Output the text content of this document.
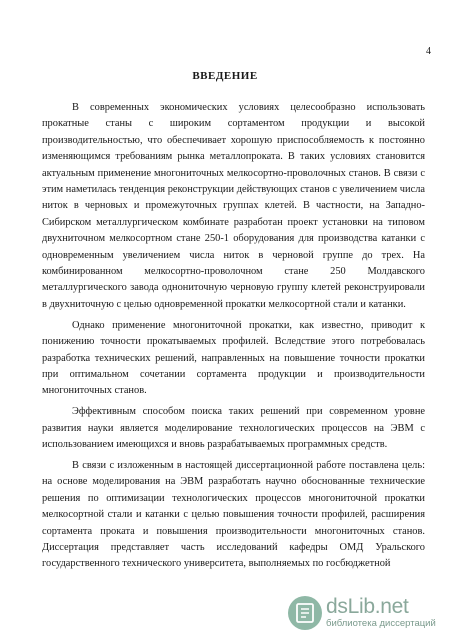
4
ВВЕДЕНИЕ

В современных экономических условиях целесообразно использовать прокатные станы с широким сортаментом продукции и высокой производительностью, что обеспечивает хорошую приспособляемость к постоянно изменяющимся требованиям рынка металлопроката. В таких условиях становится актуальным применение многониточных мелкосортно-проволочных станов. В связи с этим наметилась тенденция реконструкции действующих станов с увеличением числа ниток в черновых и промежуточных группах клетей. В частности, на Западно-Сибирском металлургическом комбинате разработан проект установки на типовом двухниточном мелкосортном стане 250-1 оборудования для производства катанки с одновременным увеличением числа ниток в черновой группе до трех. На комбинированном мелкосортно-проволочном стане 250 Молдавского металлургического завода однониточную черновую группу клетей реконструировали в двухниточную с целью одновременной прокатки мелкосортной стали и катанки.

Однако применение многониточной прокатки, как известно, приводит к понижению точности прокатываемых профилей. Вследствие этого потребовалась разработка технических решений, направленных на повышение точности прокатки при оптимальном сочетании сортамента продукции и производительности многониточных станов.

Эффективным способом поиска таких решений при современном уровне развития науки является моделирование технологических процессов на ЭВМ с использованием имеющихся и вновь разрабатываемых программных средств.

В связи с изложенным в настоящей диссертационной работе поставлена цель: на основе моделирования на ЭВМ разработать научно обоснованные технические решения по оптимизации технологических процессов многониточной прокатки мелкосортной стали и катанки с целью повышения точности профилей, расширения сортамента проката и повышения производительности многониточных станов. Диссертация представляет часть исследований кафедры ОМД Уральского государственного технического университета, выполняемых по госбюджетной

dsLib.net
библиотека диссертаций
